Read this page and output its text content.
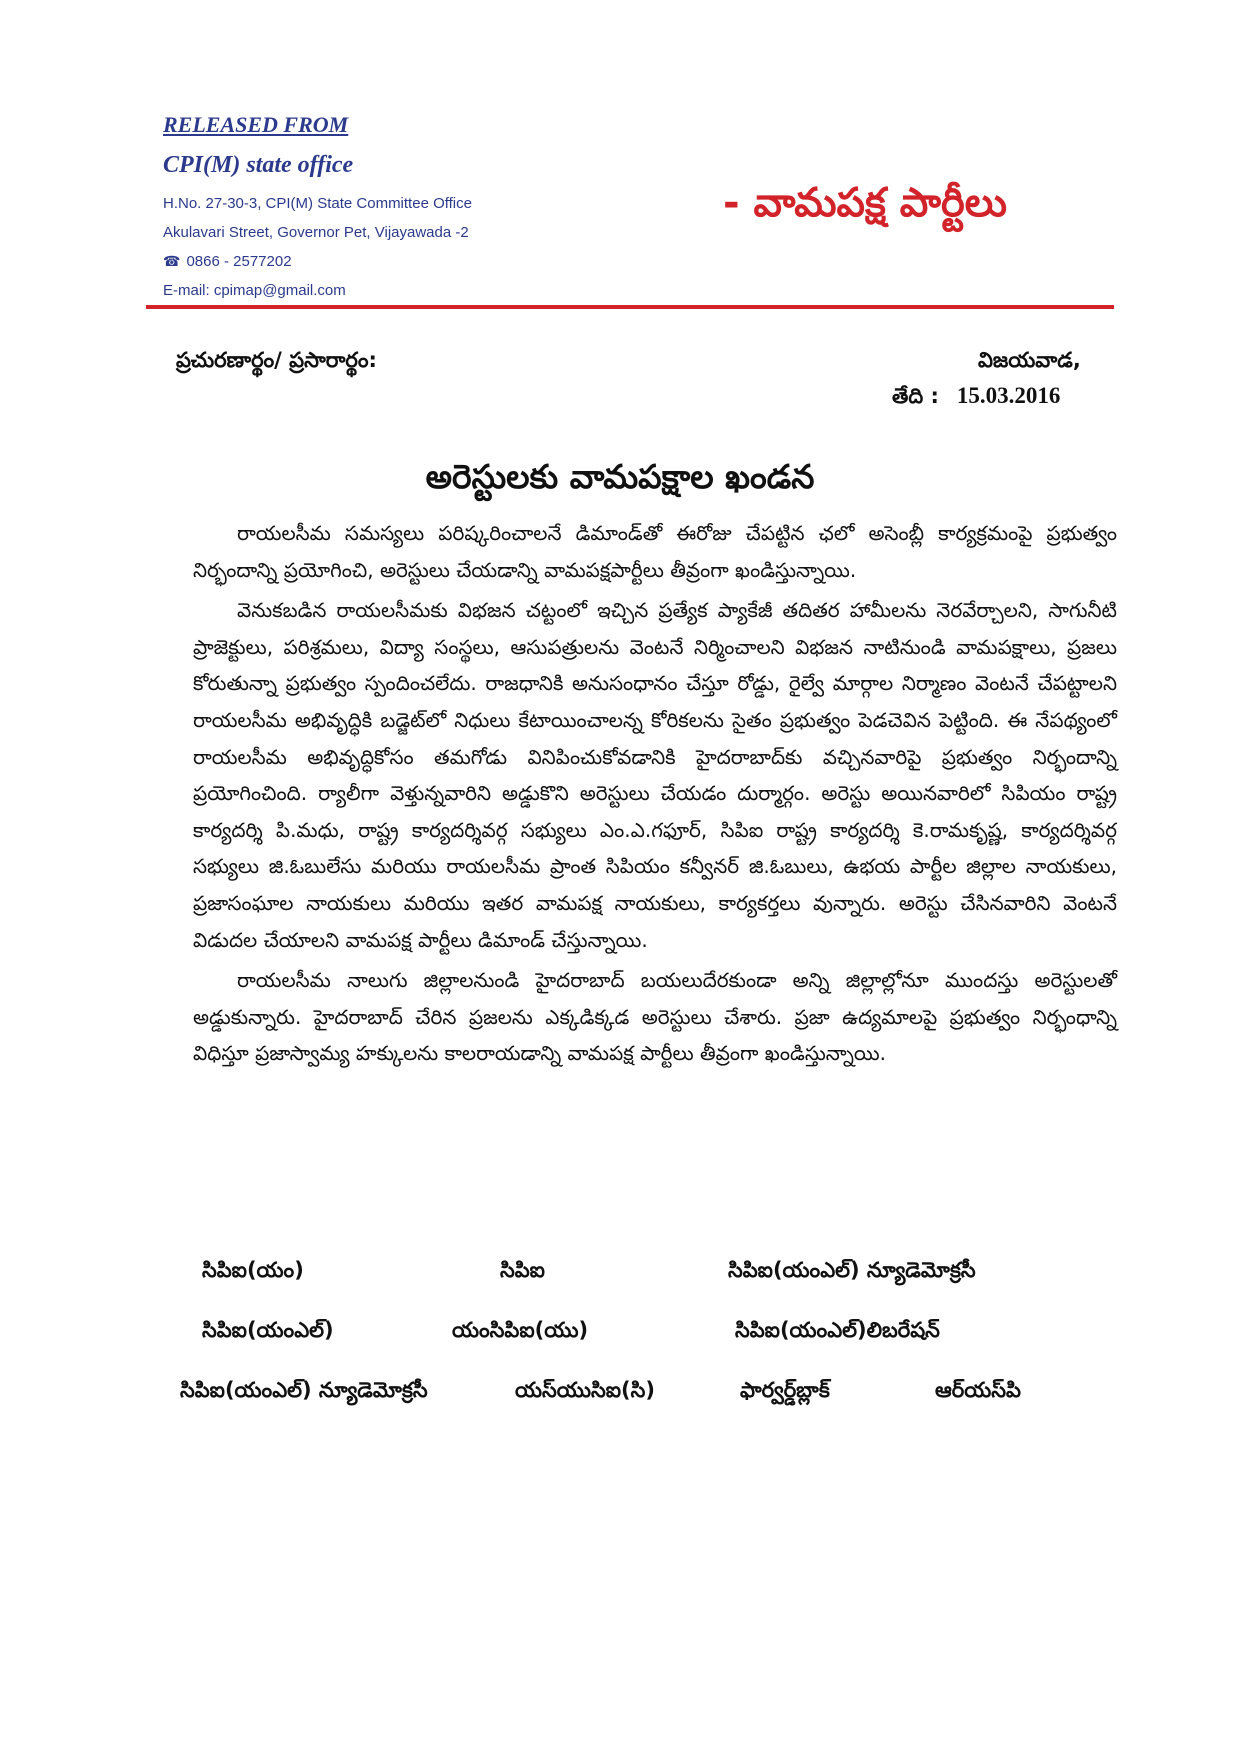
RELEASED FROM
CPI(M) state office
H.No. 27-30-3, CPI(M) State Committee Office
Akulavari Street, Governor Pet, Vijayawada -2
☎ 0866 - 2577202
E-mail: cpimap@gmail.com
- వామపక్ష పార్టీలు
ప్రచురణార్థం/ ప్రసారార్థం:	విజయవాడ,
తేది : 15.03.2016
అరెస్టులకు వామపక్షాల ఖండన

రాయలసీమ సమస్యలు పరిష్కరించాలనే డిమాండ్‌తో ఈరోజు చేపట్టిన ఛలో అసెంబ్లీ కార్యక్రమంపై ప్రభుత్వం నిర్భందాన్ని ప్రయోగించి, అరెస్టులు చేయడాన్ని వామపక్షపార్టీలు తీవ్రంగా ఖండిస్తున్నాయి.

వెనుకబడిన రాయలసీమకు విభజన చట్టంలో ఇచ్చిన ప్రత్యేక ప్యాకేజీ తదితర హామీలను నెరవేర్చాలని, సాగునీటి ప్రాజెక్టులు, పరిశ్రమలు, విద్యా సంస్థలు, ఆసుపత్రులను వెంటనే నిర్మించాలని విభజన నాటినుండి వామపక్షాలు, ప్రజలు కోరుతున్నా ప్రభుత్వం స్పందించలేదు. రాజధానికి అనుసంధానం చేస్తూ రోడ్డు, రైల్వే మార్గాల నిర్మాణం వెంటనే చేపట్టాలని రాయలసీమ అభివృద్ధికి బడ్జెట్‌లో నిధులు కేటాయించాలన్న కోరికలను సైతం ప్రభుత్వం పెడచెవిన పెట్టింది. ఈ నేపథ్యంలో రాయలసీమ అభివృద్ధికోసం తమగోడు వినిపించుకోవడానికి హైదరాబాద్‌కు వచ్చినవారిపై ప్రభుత్వం నిర్భందాన్ని ప్రయోగించింది. ర్యాలీగా వెళ్తున్నవారిని అడ్డుకొని అరెస్టులు చేయడం దుర్మార్గం. అరెస్టు అయినవారిలో సిపియం రాష్ట్ర కార్యదర్శి పి.మధు, రాష్ట్ర కార్యదర్శివర్గ సభ్యులు ఎం.ఎ.గఫూర్, సిపిఐ రాష్ట్ర కార్యదర్శి కె.రామకృష్ణ, కార్యదర్శివర్గ సభ్యులు జి.ఓబులేసు మరియు రాయలసీమ ప్రాంత సిపియం కన్వీనర్ జి.ఓబులు, ఉభయ పార్టీల జిల్లాల నాయకులు, ప్రజాసంఘాల నాయకులు మరియు ఇతర వామపక్ష నాయకులు, కార్యకర్తలు వున్నారు. అరెస్టు చేసినవారిని వెంటనే విడుదల చేయాలని వామపక్ష పార్టీలు డిమాండ్ చేస్తున్నాయి.

రాయలసీమ నాలుగు జిల్లాలనుండి హైదరాబాద్ బయలుదేరకుండా అన్ని జిల్లాల్లోనూ ముందస్తు అరెస్టులతో అడ్డుకున్నారు. హైదరాబాద్ చేరిన ప్రజలను ఎక్కడిక్కడ అరెస్టులు చేశారు. ప్రజా ఉద్యమాలపై ప్రభుత్వం నిర్భంధాన్ని విధిస్తూ ప్రజాస్వామ్య హక్కులను కాలరాయడాన్ని వామపక్ష పార్టీలు తీవ్రంగా ఖండిస్తున్నాయి.

సిపిఐ(యం)	సిపిఐ	సిపిఐ(యంఎల్) న్యూడెమోక్రసీ
సిపిఐ(యంఎల్)	యంసిపిఐ(యు)	సిపిఐ(యంఎల్)లిబరేషన్
సిపిఐ(యంఎల్) న్యూడెమోక్రసీ	యస్‌యుసిఐ(సి)	ఫార్వర్డ్‌బ్లాక్	ఆర్‌యస్‌పి
